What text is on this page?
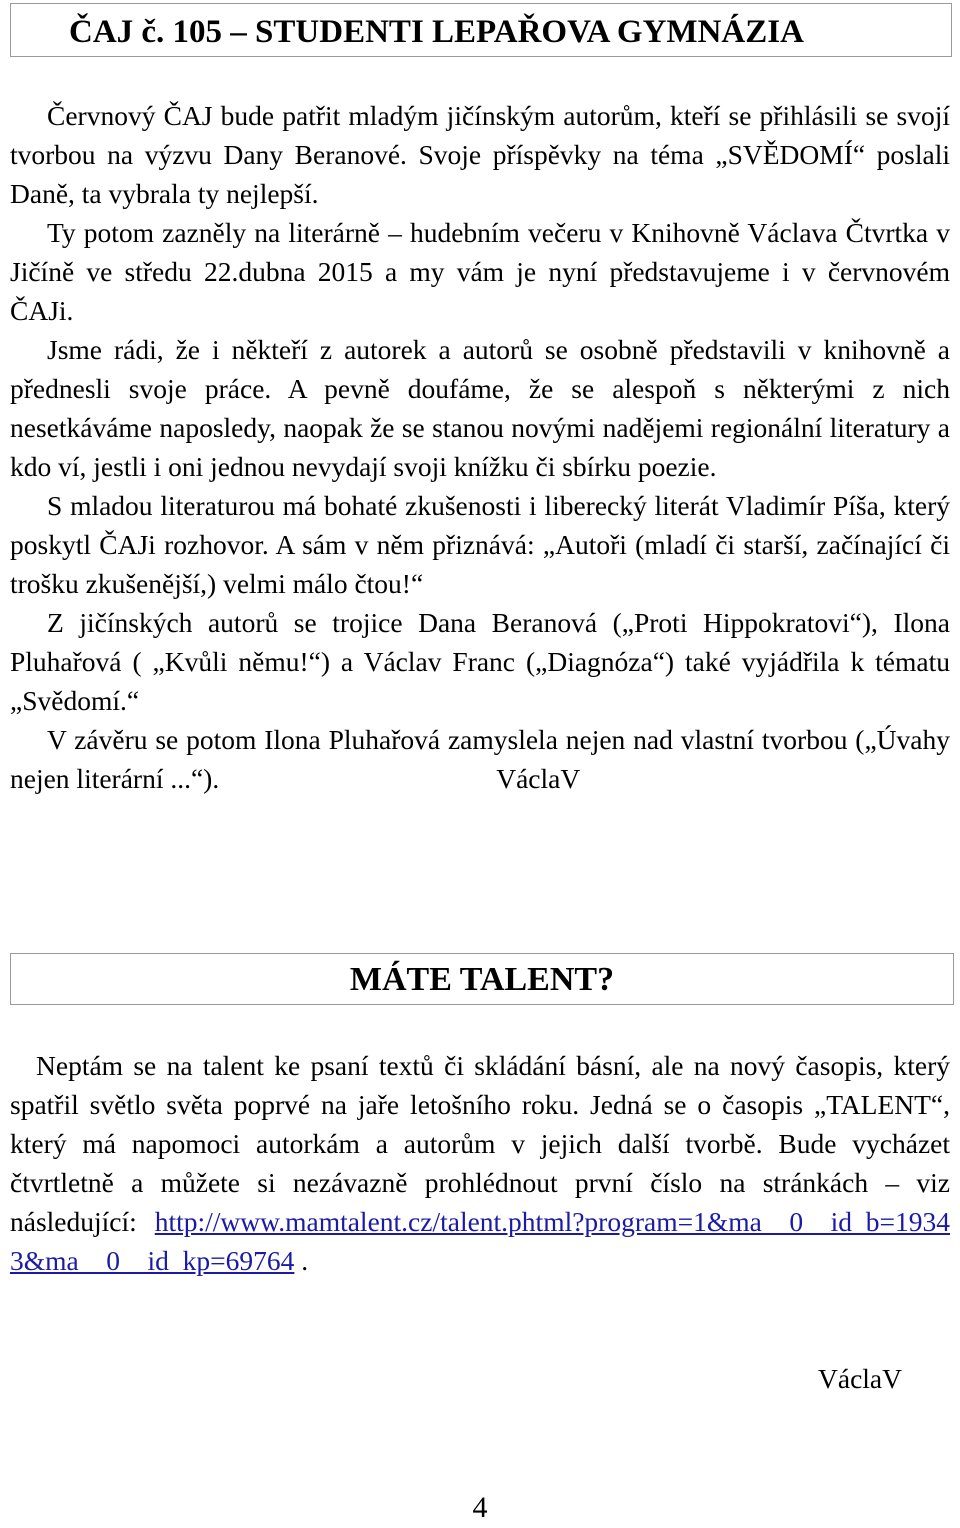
ČAJ č. 105 – STUDENTI LEPAŘOVA GYMNÁZIA

Červnový ČAJ bude patřit mladým jičínským autorům, kteří se přihlásili se svojí tvorbou na výzvu Dany Beranové. Svoje příspěvky na téma „SVĚDOMÍ“ poslali Daně, ta vybrala ty nejlepší.

Ty potom zazněly na literárně – hudebním večeru v Knihovně Václava Čtvrtka v Jičíně ve středu 22.dubna 2015 a my vám je nyní představujeme i v červnovém ČAJi.

Jsme rádi, že i někteří z autorek a autorů se osobně představili v knihovně a přednesli svoje práce. A pevně doufáme, že se alespoň s některými z nich nesetkáváme naposledy, naopak že se stanou novými nadějemi regionální literatury a kdo ví, jestli i oni jednou nevydají svoji knížku či sbírku poezie.

S mladou literaturou má bohaté zkušenosti i liberecký literát Vladimír Píša, který poskytl ČAJi rozhovor. A sám v něm přiznává: „Autoři (mladí či starší, začínající či trošku zkušenější,) velmi málo čtou!“

Z jičínských autorů se trojice Dana Beranová („Proti Hippokratovi“), Ilona Pluhařová ( „Kvůli němu!“) a Václav Franc („Diagnóza“) také vyjádřila k tématu „Svědomí.“

V závěru se potom Ilona Pluhařová zamyslela nejen nad vlastní tvorbou („Úvahy nejen literární ...“).	VáclaV

MÁTE TALENT?

Neptám se na talent ke psaní textů či skládání básní, ale na nový časopis, který spatřil světlo světa poprvé na jaře letošního roku. Jedná se o časopis „TALENT“, který má napomoci autorkám a autorům v jejich další tvorbě. Bude vycházet čtvrtletně a můžete si nezávazně prohlédnout první číslo na stránkách – viz následující: http://www.mamtalent.cz/talent.phtml?program=1&ma__0__id_b=19343&ma__0__id_kp=69764 .

VáclaV
4
